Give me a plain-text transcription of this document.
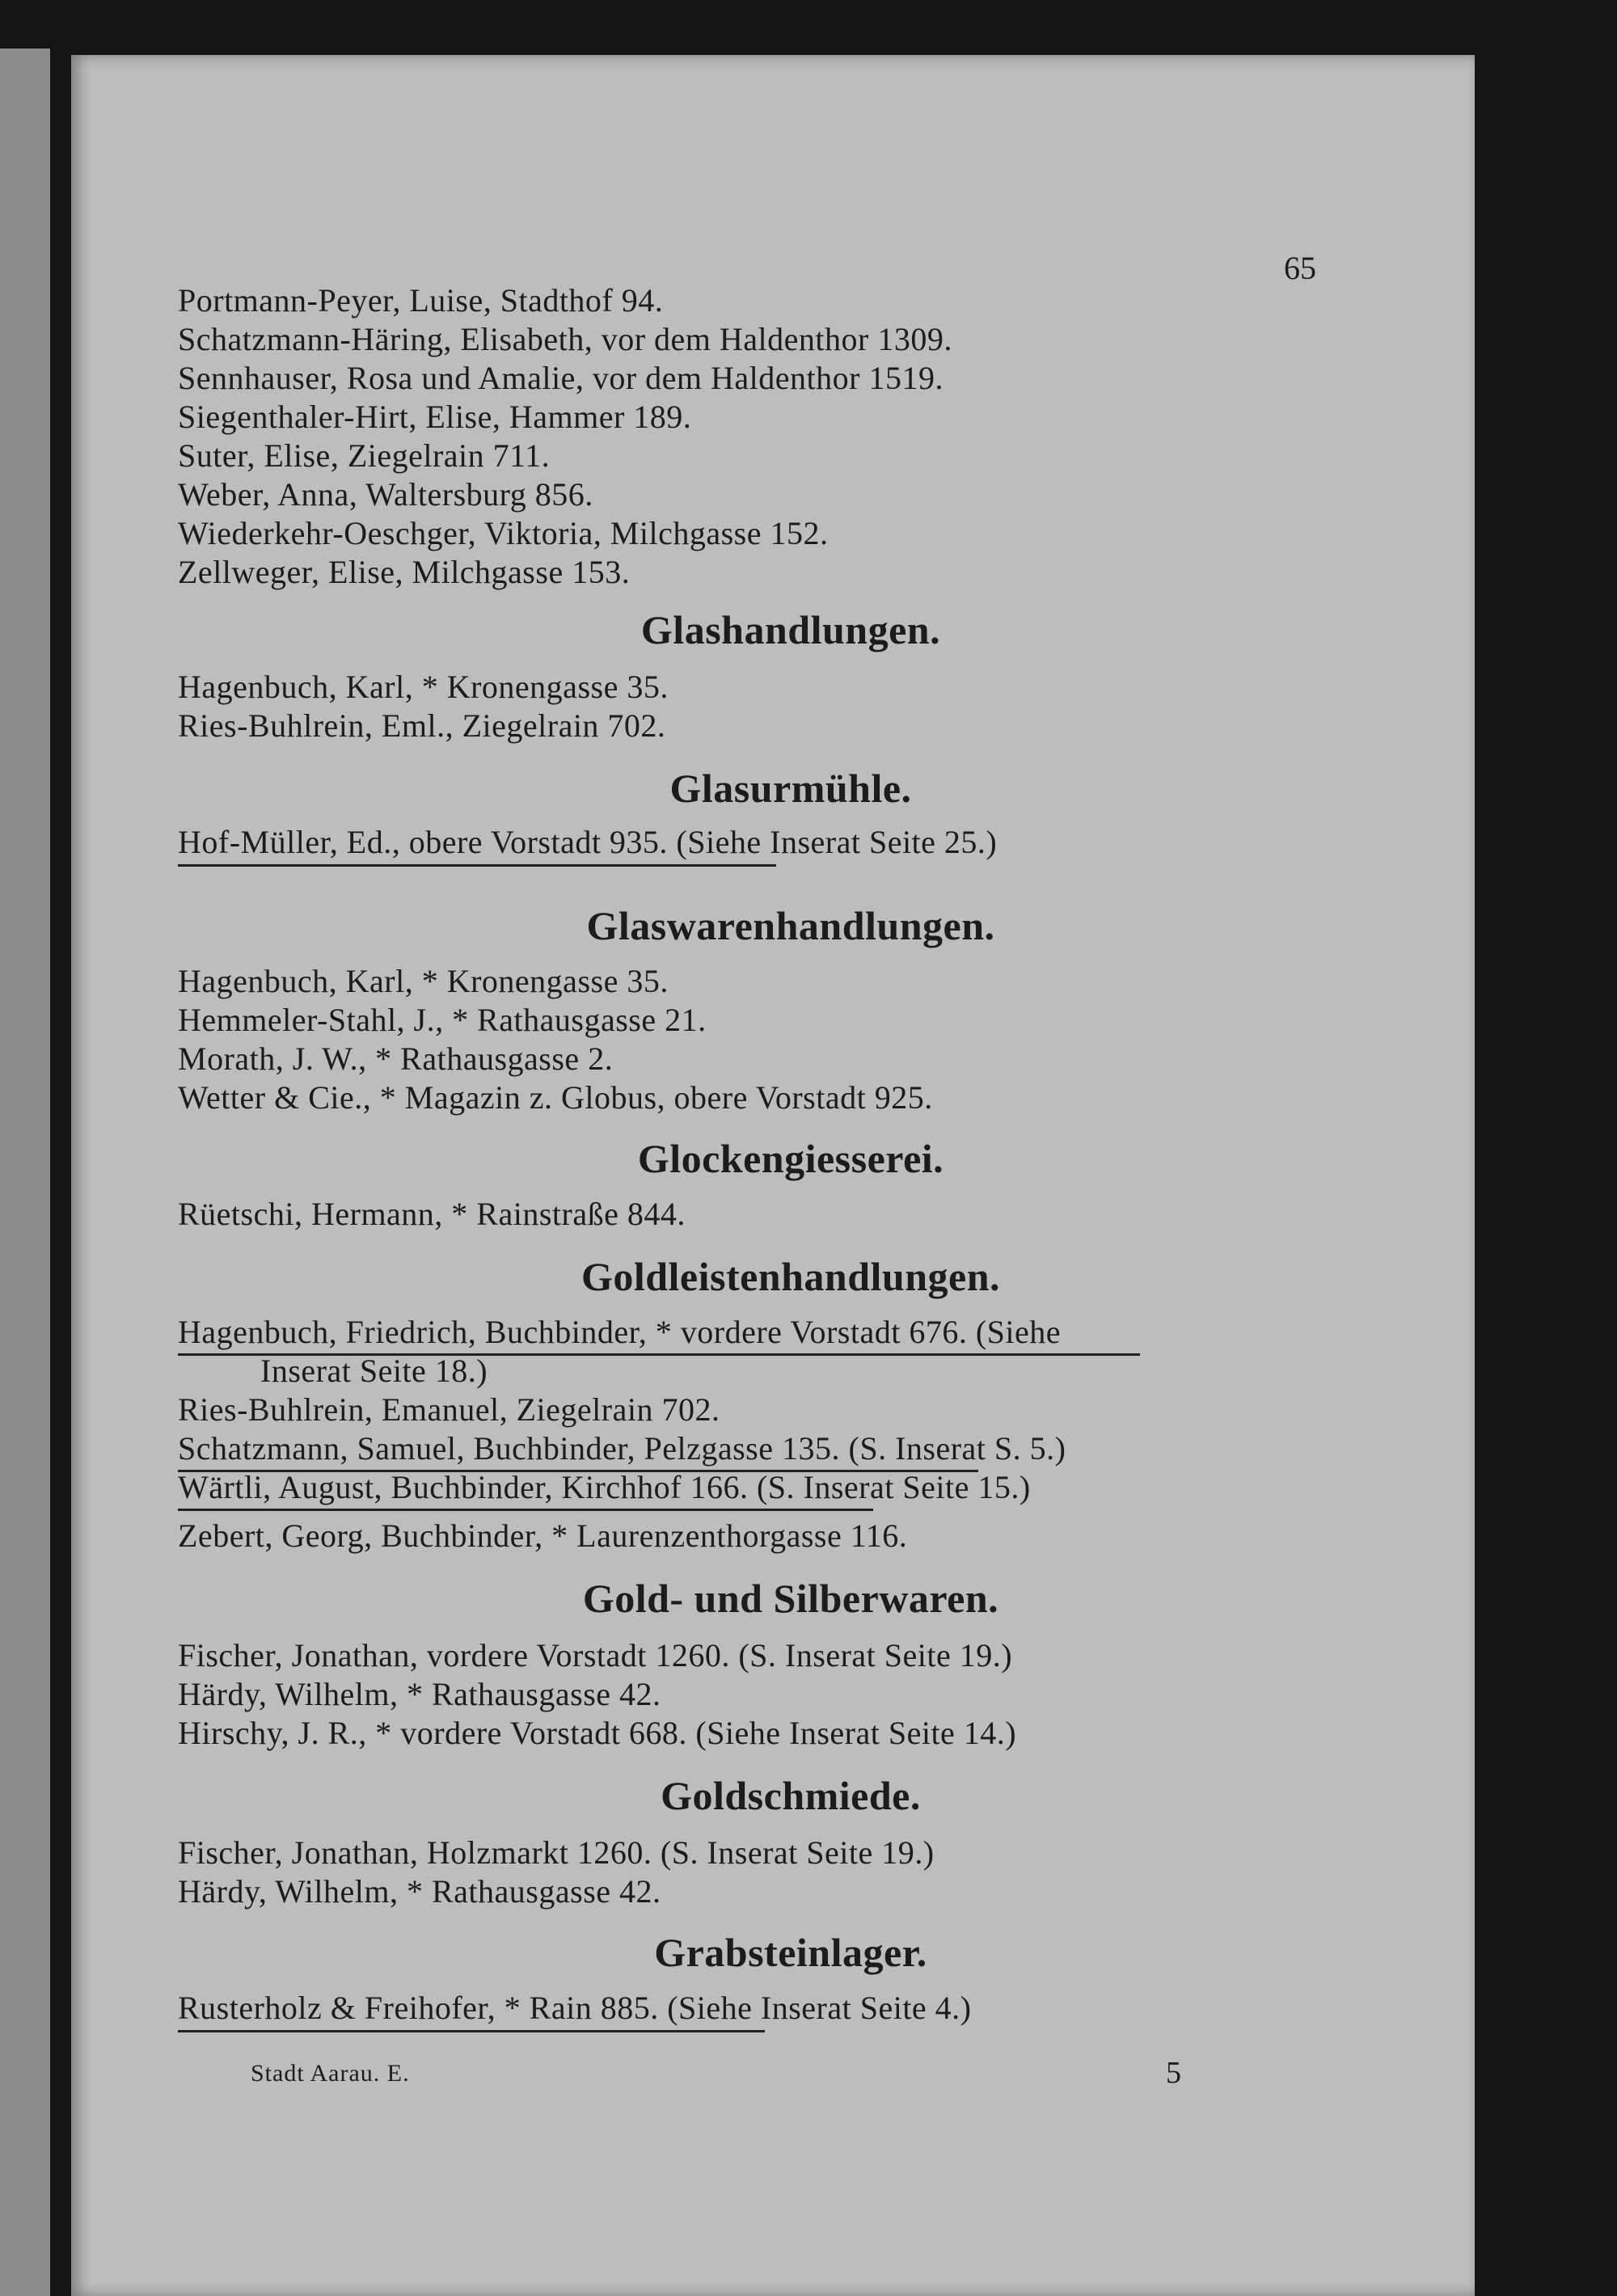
65
Portmann-Peyer, Luise, Stadthof 94.
Schatzmann-Häring, Elisabeth, vor dem Haldenthor 1309.
Sennhauser, Rosa und Amalie, vor dem Haldenthor 1519.
Siegenthaler-Hirt, Elise, Hammer 189.
Suter, Elise, Ziegelrain 711.
Weber, Anna, Waltersburg 856.
Wiederkehr-Oeschger, Viktoria, Milchgasse 152.
Zellweger, Elise, Milchgasse 153.
Glashandlungen.
Hagenbuch, Karl, * Kronengasse 35.
Ries-Buhlrein, Eml., Ziegelrain 702.
Glasurmühle.
Hof-Müller, Ed., obere Vorstadt 935. (Siehe Inserat Seite 25.)
Glaswarenhandlungen.
Hagenbuch, Karl, * Kronengasse 35.
Hemmeler-Stahl, J., * Rathausgasse 21.
Morath, J. W., * Rathausgasse 2.
Wetter & Cie., * Magazin z. Globus, obere Vorstadt 925.
Glockengiesserei.
Rüetschi, Hermann, * Rainstraße 844.
Goldleistenhandlungen.
Hagenbuch, Friedrich, Buchbinder, * vordere Vorstadt 676. (Siehe
Inserat Seite 18.)
Ries-Buhlrein, Emanuel, Ziegelrain 702.
Schatzmann, Samuel, Buchbinder, Pelzgasse 135. (S. Inserat S. 5.)
Wärtli, August, Buchbinder, Kirchhof 166. (S. Inserat Seite 15.)
Zebert, Georg, Buchbinder, * Laurenzenthorgasse 116.
Gold- und Silberwaren.
Fischer, Jonathan, vordere Vorstadt 1260. (S. Inserat Seite 19.)
Härdy, Wilhelm, * Rathausgasse 42.
Hirschy, J. R., * vordere Vorstadt 668. (Siehe Inserat Seite 14.)
Goldschmiede.
Fischer, Jonathan, Holzmarkt 1260. (S. Inserat Seite 19.)
Härdy, Wilhelm, * Rathausgasse 42.
Grabsteinlager.
Rusterholz & Freihofer, * Rain 885. (Siehe Inserat Seite 4.)
Stadt Aarau. E.	5
